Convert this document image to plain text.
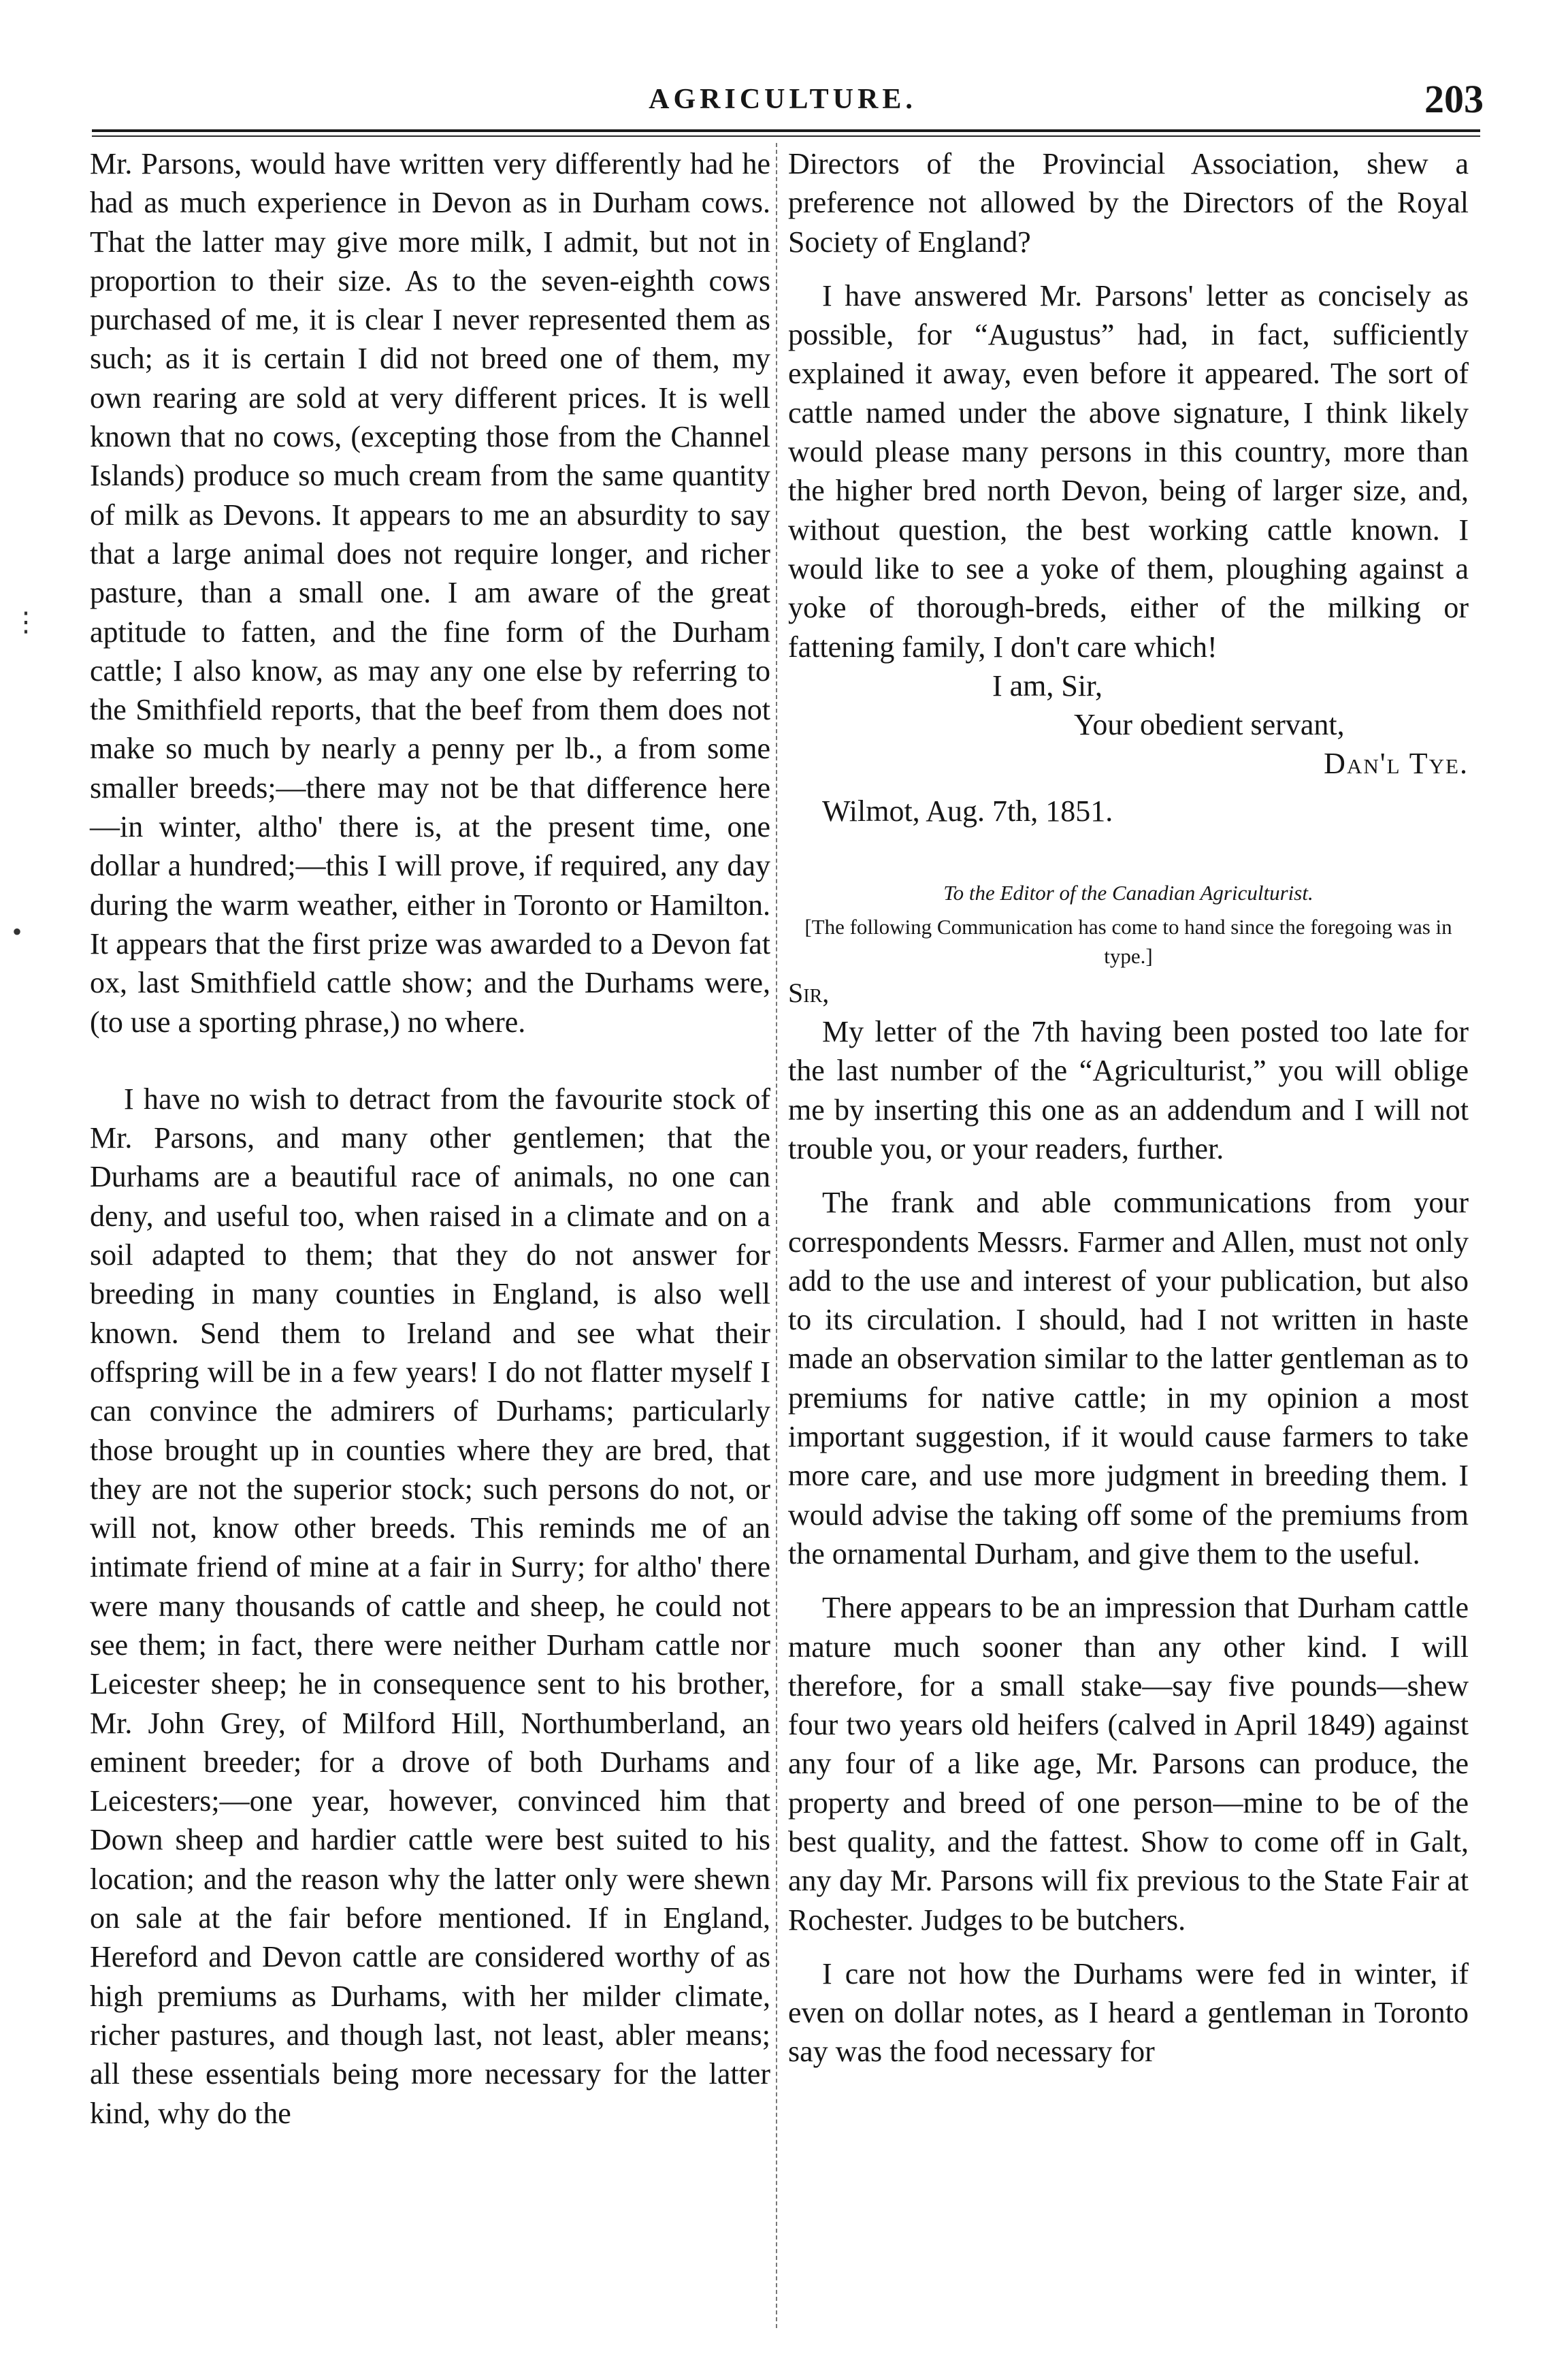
AGRICULTURE.	203

Mr. Parsons, would have written very differently had he had as much experience in Devon as in Durham cows. That the latter may give more milk, I admit, but not in proportion to their size. As to the seven-eighth cows purchased of me, it is clear I never represented them as such; as it is certain I did not breed one of them, my own rearing are sold at very different prices. It is well known that no cows, (excepting those from the Channel Islands) produce so much cream from the same quantity of milk as Devons. It appears to me an absurdity to say that a large animal does not require longer, and richer pasture, than a small one. I am aware of the great aptitude to fatten, and the fine form of the Durham cattle; I also know, as may any one else by referring to the Smithfield reports, that the beef from them does not make so much by nearly a penny per lb., a from some smaller breeds;—there may not be that difference here—in winter, altho' there is, at the present time, one dollar a hundred;—this I will prove, if required, any day during the warm weather, either in Toronto or Hamilton. It appears that the first prize was awarded to a Devon fat ox, last Smithfield cattle show; and the Durhams were, (to use a sporting phrase,) no where.

I have no wish to detract from the favourite stock of Mr. Parsons, and many other gentlemen; that the Durhams are a beautiful race of animals, no one can deny, and useful too, when raised in a climate and on a soil adapted to them; that they do not answer for breeding in many counties in England, is also well known. Send them to Ireland and see what their offspring will be in a few years! I do not flatter myself I can convince the admirers of Durhams; particularly those brought up in counties where they are bred, that they are not the superior stock; such persons do not, or will not, know other breeds. This reminds me of an intimate friend of mine at a fair in Surry; for altho' there were many thousands of cattle and sheep, he could not see them; in fact, there were neither Durham cattle nor Leicester sheep; he in consequence sent to his brother, Mr. John Grey, of Milford Hill, Northumberland, an eminent breeder; for a drove of both Durhams and Leicesters;—one year, however, convinced him that Down sheep and hardier cattle were best suited to his location; and the reason why the latter only were shewn on sale at the fair before mentioned. If in England, Hereford and Devon cattle are considered worthy of as high premiums as Durhams, with her milder climate, richer pastures, and though last, not least, abler means; all these essentials being more necessary for the latter kind, why do the

Directors of the Provincial Association, shew a preference not allowed by the Directors of the Royal Society of England?

I have answered Mr. Parsons' letter as concisely as possible, for “Augustus” had, in fact, sufficiently explained it away, even before it appeared. The sort of cattle named under the above signature, I think likely would please many persons in this country, more than the higher bred north Devon, being of larger size, and, without question, the best working cattle known. I would like to see a yoke of them, ploughing against a yoke of thorough-breds, either of the milking or fattening family, I don't care which!

I am, Sir,

Your obedient servant,

Dan'l Tye.

Wilmot, Aug. 7th, 1851.

To the Editor of the Canadian Agriculturist.

[The following Communication has come to hand since the foregoing was in type.]

Sir,

My letter of the 7th having been posted too late for the last number of the “Agriculturist,” you will oblige me by inserting this one as an addendum and I will not trouble you, or your readers, further.

The frank and able communications from your correspondents Messrs. Farmer and Allen, must not only add to the use and interest of your publication, but also to its circulation. I should, had I not written in haste made an observation similar to the latter gentleman as to premiums for native cattle; in my opinion a most important suggestion, if it would cause farmers to take more care, and use more judgment in breeding them. I would advise the taking off some of the premiums from the ornamental Durham, and give them to the useful.

There appears to be an impression that Durham cattle mature much sooner than any other kind. I will therefore, for a small stake—say five pounds—shew four two years old heifers (calved in April 1849) against any four of a like age, Mr. Parsons can produce, the property and breed of one person—mine to be of the best quality, and the fattest. Show to come off in Galt, any day Mr. Parsons will fix previous to the State Fair at Rochester. Judges to be butchers.

I care not how the Durhams were fed in winter, if even on dollar notes, as I heard a gentleman in Toronto say was the food necessary for

⋮
•
